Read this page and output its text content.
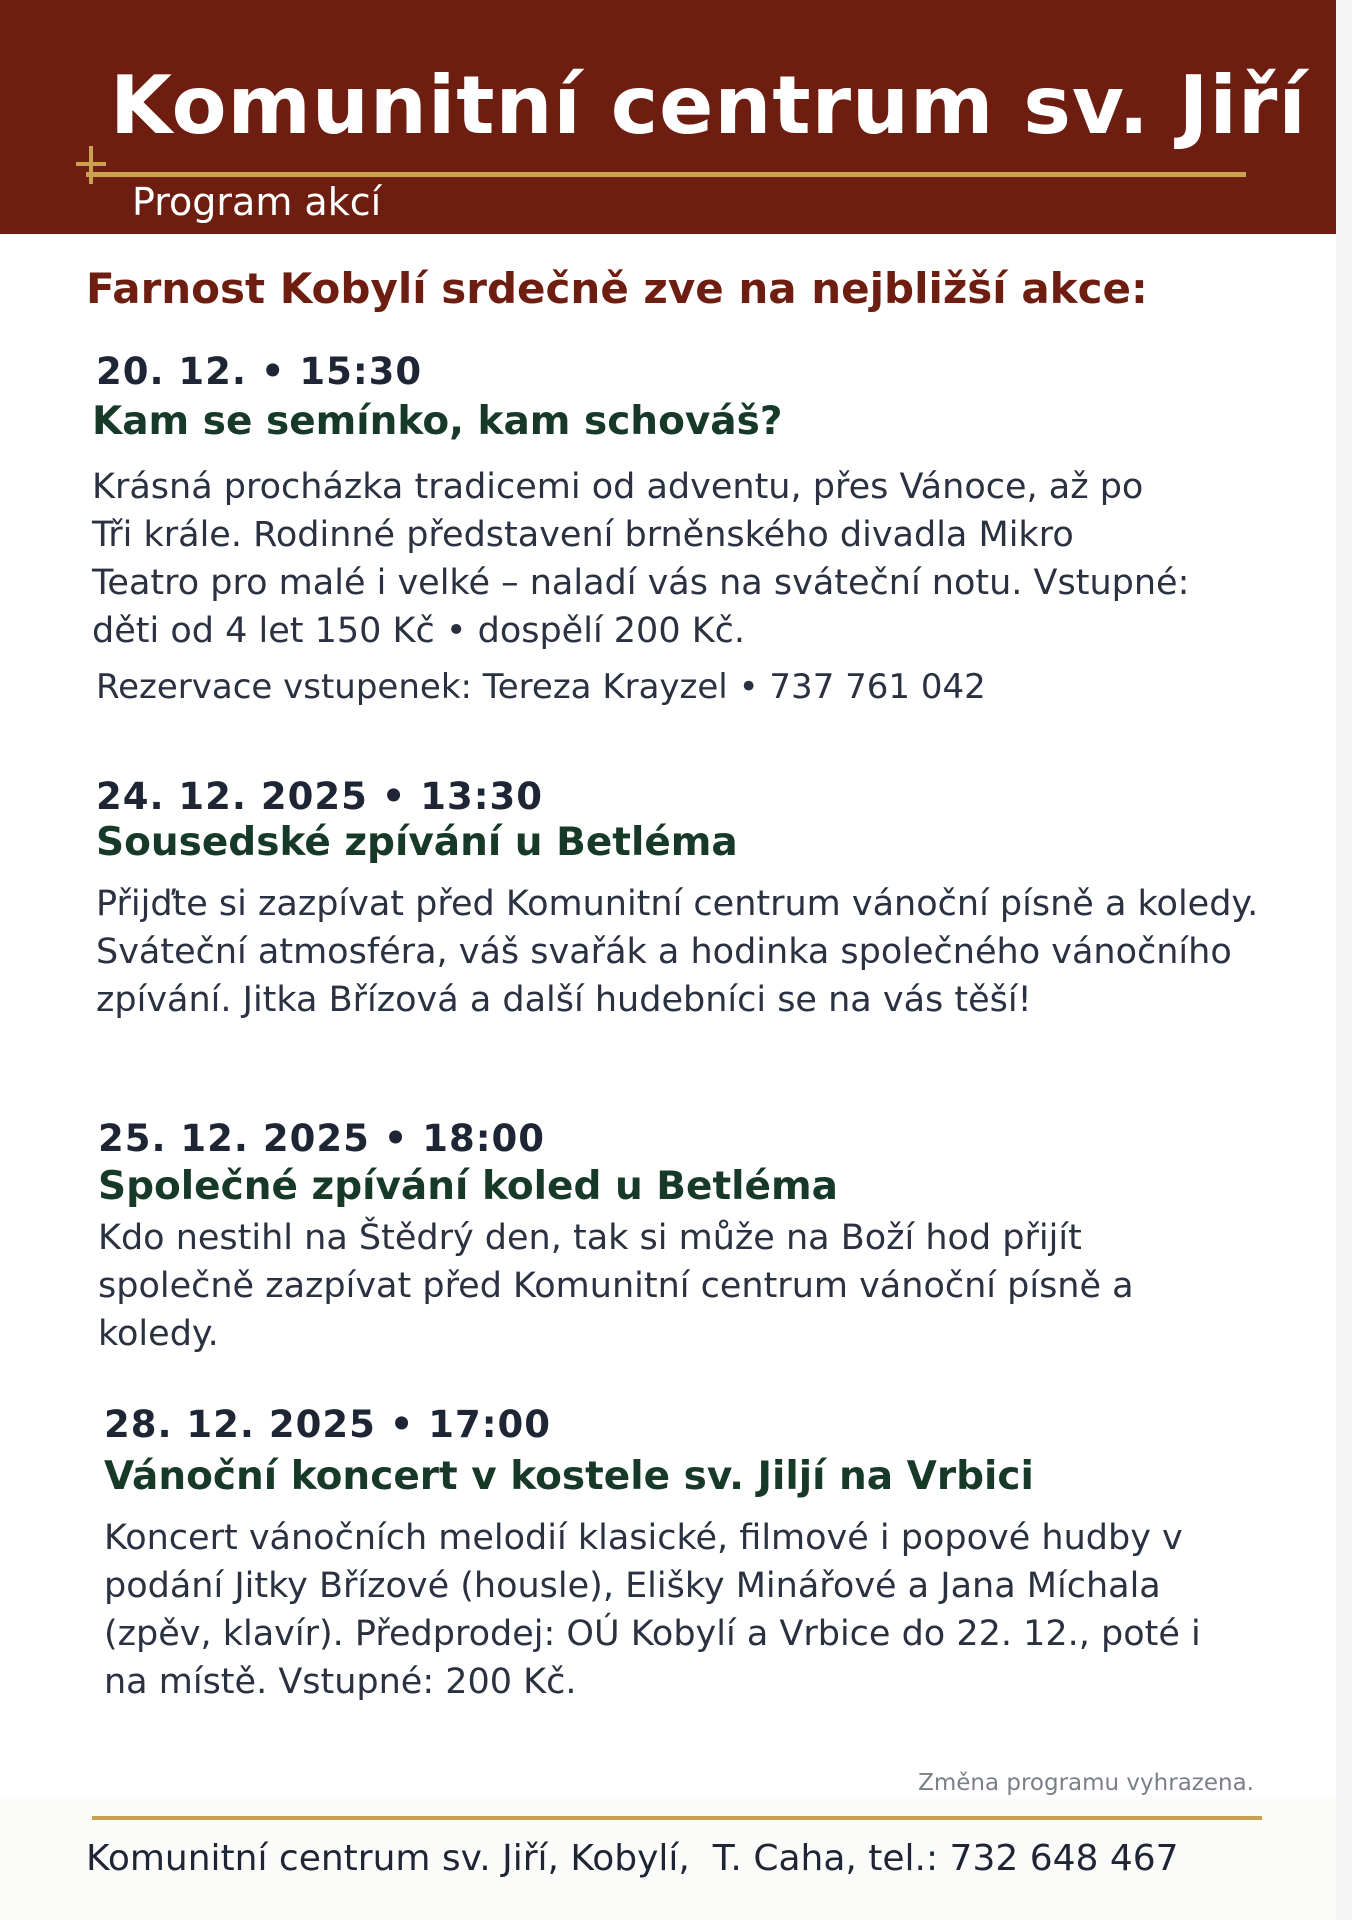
Komunitní centrum sv. Jiří
Program akcí
Farnost Kobylí srdečně zve na nejbližší akce:
20. 12. • 15:30
Kam se semínko, kam schováš?
Krásná procházka tradicemi od adventu, přes Vánoce, až po Tři krále. Rodinné představení brněnského divadla Mikro Teatro pro malé i velké – naladí vás na sváteční notu. Vstupné: děti od 4 let 150 Kč • dospělí 200 Kč.
Rezervace vstupenek: Tereza Krayzel • 737 761 042
24. 12. 2025 • 13:30
Sousedské zpívání u Betléma
Přijďte si zazpívat před Komunitní centrum vánoční písně a koledy. Sváteční atmosféra, váš svařák a hodinka společného vánočního zpívání. Jitka Břízová a další hudebníci se na vás těší!
25. 12. 2025 • 18:00
Společné zpívání koled u Betléma
Kdo nestihl na Štědrý den, tak si může na Boží hod přijít společně zazpívat před Komunitní centrum vánoční písně a koledy.
28. 12. 2025 • 17:00
Vánoční koncert v kostele sv. Jiljí na Vrbici
Koncert vánočních melodií klasické, filmové i popové hudby v podání Jitky Břízové (housle), Elišky Minářové a Jana Míchala (zpěv, klavír). Předprodej: OÚ Kobylí a Vrbice do 22. 12., poté i na místě. Vstupné: 200 Kč.
Změna programu vyhrazena.
Komunitní centrum sv. Jiří, Kobylí,  T. Caha, tel.: 732 648 467
